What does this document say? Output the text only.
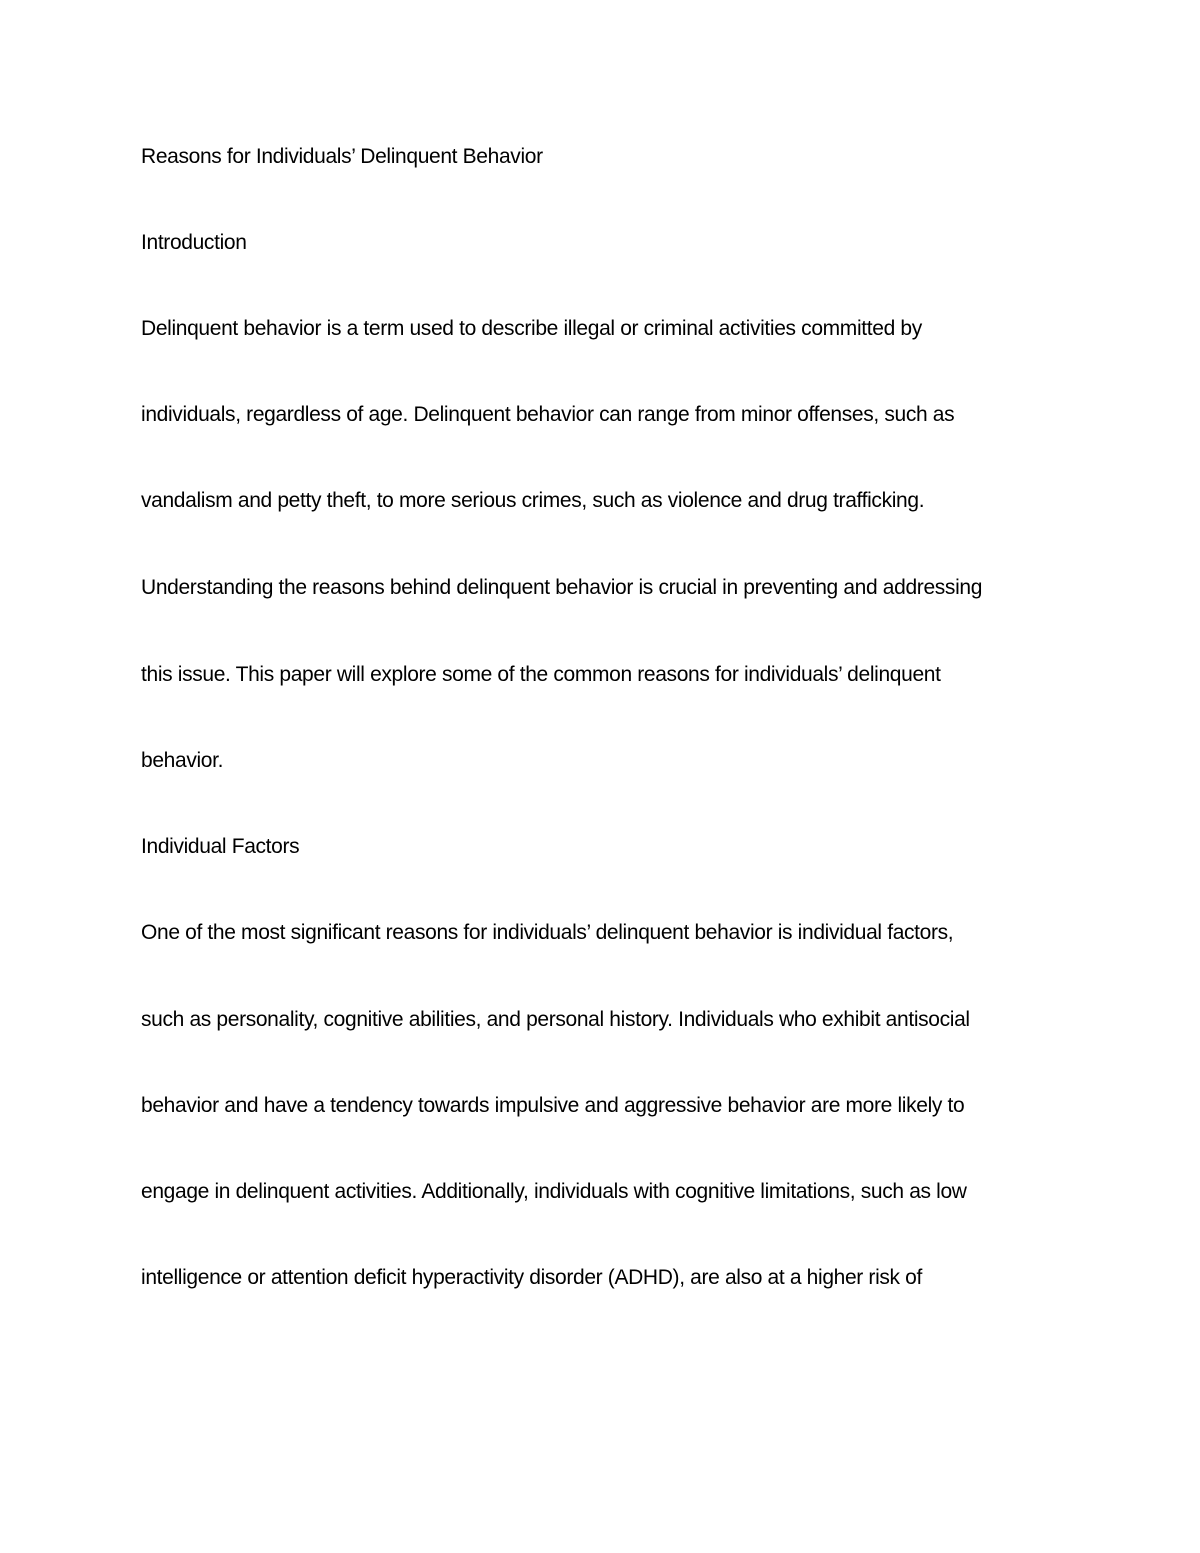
Reasons for Individuals’ Delinquent Behavior
Introduction
Delinquent behavior is a term used to describe illegal or criminal activities committed by
individuals, regardless of age. Delinquent behavior can range from minor offenses, such as
vandalism and petty theft, to more serious crimes, such as violence and drug trafficking.
Understanding the reasons behind delinquent behavior is crucial in preventing and addressing
this issue. This paper will explore some of the common reasons for individuals’ delinquent
behavior.
Individual Factors
One of the most significant reasons for individuals’ delinquent behavior is individual factors,
such as personality, cognitive abilities, and personal history. Individuals who exhibit antisocial
behavior and have a tendency towards impulsive and aggressive behavior are more likely to
engage in delinquent activities. Additionally, individuals with cognitive limitations, such as low
intelligence or attention deficit hyperactivity disorder (ADHD), are also at a higher risk of
